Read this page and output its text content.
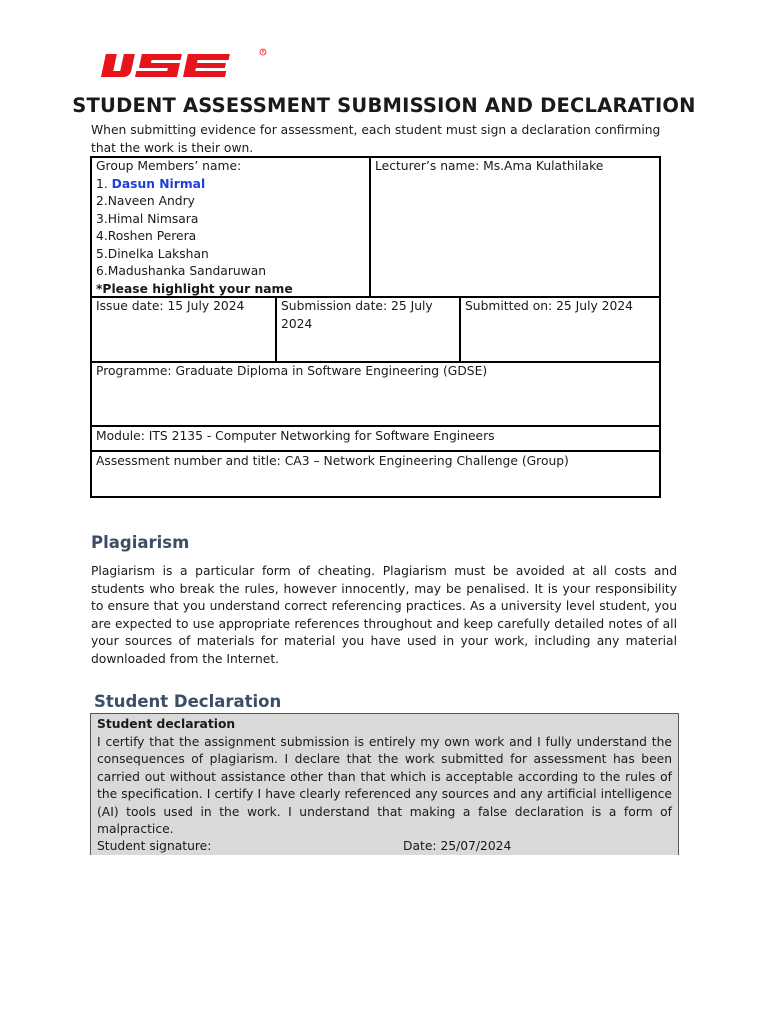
R
STUDENT ASSESSMENT SUBMISSION AND DECLARATION
When submitting evidence for assessment, each student must sign a declaration confirming that the work is their own.
Group Members’ name:
1. Dasun Nirmal
2.Naveen Andry
3.Himal Nimsara
4.Roshen Perera
5.Dinelka Lakshan
6.Madushanka Sandaruwan
*Please highlight your name
Lecturer’s name: Ms.Ama Kulathilake
Issue date: 15 July 2024	Submission date: 25 July 2024
Submitted on: 25 July 2024
Programme: Graduate Diploma in Software Engineering (GDSE)
Module: ITS 2135 - Computer Networking for Software Engineers
Assessment number and title: CA3 – Network Engineering Challenge (Group)
Plagiarism
Plagiarism is a particular form of cheating. Plagiarism must be avoided at all costs and students who break the rules, however innocently, may be penalised. It is your responsibility to ensure that you understand correct referencing practices. As a university level student, you are expected to use appropriate references throughout and keep carefully detailed notes of all your sources of materials for material you have used in your work, including any material downloaded from the Internet.
Student Declaration
Student declaration
I certify that the assignment submission is entirely my own work and I fully understand the consequences of plagiarism. I declare that the work submitted for assessment has been carried out without assistance other than that which is acceptable according to the rules of the specification. I certify I have clearly referenced any sources and any artificial intelligence (AI) tools used in the work. I understand that making a false declaration is a form of malpractice.
Student signature:	Date: 25/07/2024
